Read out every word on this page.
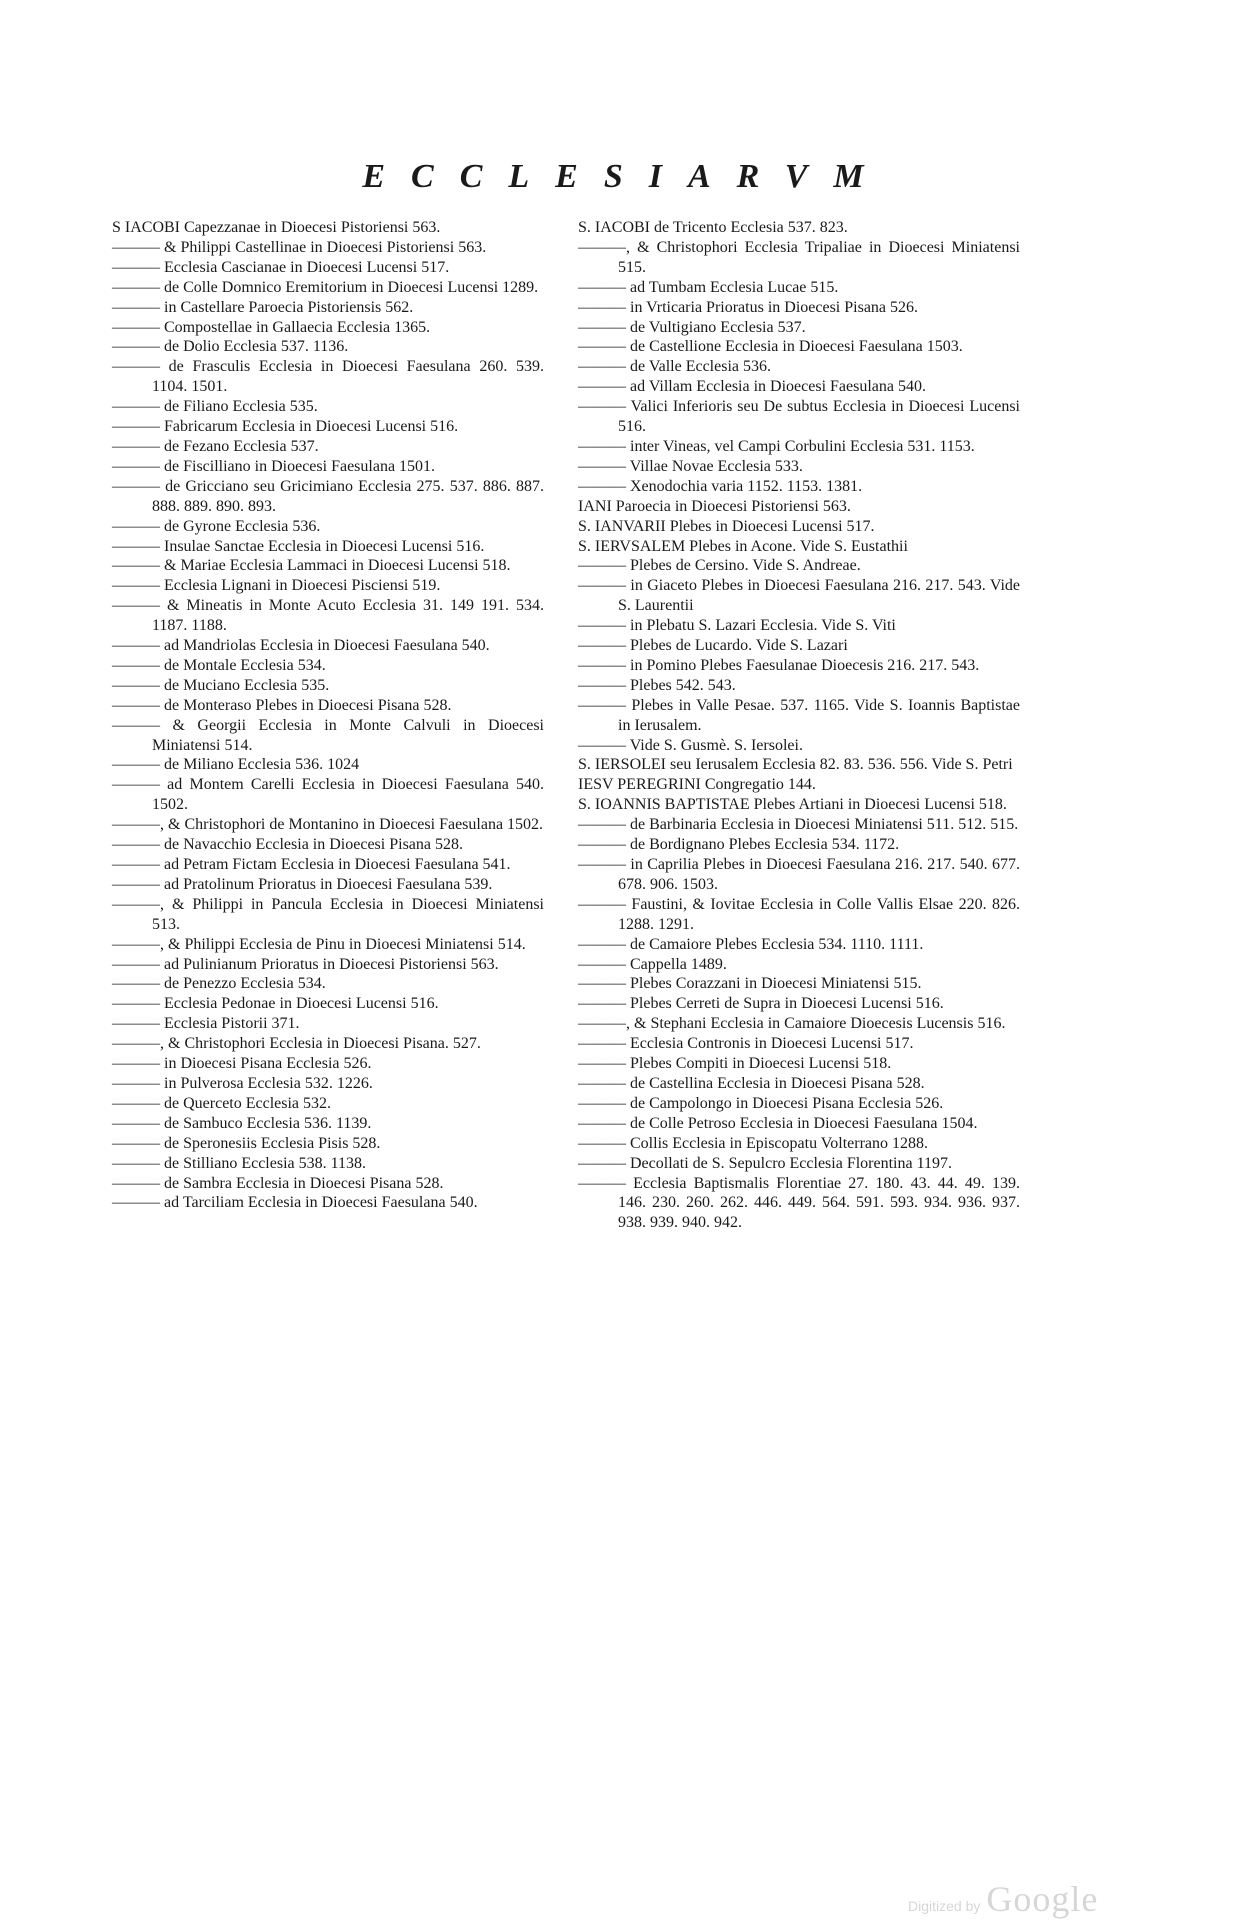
ECCLESIARVM

S IACOBI Capezzanae in Dioecesi Pistoriensi 563.

——— & Philippi Castellinae in Dioecesi Pistoriensi 563.

——— Ecclesia Cascianae in Dioecesi Lucensi 517.

——— de Colle Domnico Eremitorium in Dioecesi Lucensi 1289.

——— in Castellare Paroecia Pistoriensis 562.

——— Compostellae in Gallaecia Ecclesia 1365.

——— de Dolio Ecclesia 537. 1136.

——— de Frasculis Ecclesia in Dioecesi Faesulana 260. 539. 1104. 1501.

——— de Filiano Ecclesia 535.

——— Fabricarum Ecclesia in Dioecesi Lucensi 516.

——— de Fezano Ecclesia 537.

——— de Fiscilliano in Dioecesi Faesulana 1501.

——— de Gricciano seu Gricimiano Ecclesia 275. 537. 886. 887. 888. 889. 890. 893.

——— de Gyrone Ecclesia 536.

——— Insulae Sanctae Ecclesia in Dioecesi Lucensi 516.

——— & Mariae Ecclesia Lammaci in Dioecesi Lucensi 518.

——— Ecclesia Lignani in Dioecesi Pisciensi 519.

——— & Mineatis in Monte Acuto Ecclesia 31. 149 191. 534. 1187. 1188.

——— ad Mandriolas Ecclesia in Dioecesi Faesulana 540.

——— de Montale Ecclesia 534.

——— de Muciano Ecclesia 535.

——— de Monteraso Plebes in Dioecesi Pisana 528.

——— & Georgii Ecclesia in Monte Calvuli in Dioecesi Miniatensi 514.

——— de Miliano Ecclesia 536. 1024

——— ad Montem Carelli Ecclesia in Dioecesi Faesulana 540. 1502.

———, & Christophori de Montanino in Dioecesi Faesulana 1502.

——— de Navacchio Ecclesia in Dioecesi Pisana 528.

——— ad Petram Fictam Ecclesia in Dioecesi Faesulana 541.

——— ad Pratolinum Prioratus in Dioecesi Faesulana 539.

———, & Philippi in Pancula Ecclesia in Dioecesi Miniatensi 513.

———, & Philippi Ecclesia de Pinu in Dioecesi Miniatensi 514.

——— ad Pulinianum Prioratus in Dioecesi Pistoriensi 563.

——— de Penezzo Ecclesia 534.

——— Ecclesia Pedonae in Dioecesi Lucensi 516.

——— Ecclesia Pistorii 371.

———, & Christophori Ecclesia in Dioecesi Pisana. 527.

——— in Dioecesi Pisana Ecclesia 526.

——— in Pulverosa Ecclesia 532. 1226.

——— de Querceto Ecclesia 532.

——— de Sambuco Ecclesia 536. 1139.

——— de Speronesiis Ecclesia Pisis 528.

——— de Stilliano Ecclesia 538. 1138.

——— de Sambra Ecclesia in Dioecesi Pisana 528.

——— ad Tarciliam Ecclesia in Dioecesi Faesulana 540.

S. IACOBI de Tricento Ecclesia 537. 823.

———, & Christophori Ecclesia Tripaliae in Dioecesi Miniatensi 515.

——— ad Tumbam Ecclesia Lucae 515.

——— in Vrticaria Prioratus in Dioecesi Pisana 526.

——— de Vultigiano Ecclesia 537.

——— de Castellione Ecclesia in Dioecesi Faesulana 1503.

——— de Valle Ecclesia 536.

——— ad Villam Ecclesia in Dioecesi Faesulana 540.

——— Valici Inferioris seu De subtus Ecclesia in Dioecesi Lucensi 516.

——— inter Vineas, vel Campi Corbulini Ecclesia 531. 1153.

——— Villae Novae Ecclesia 533.

——— Xenodochia varia 1152. 1153. 1381.

IANI Paroecia in Dioecesi Pistoriensi 563.

S. IANVARII Plebes in Dioecesi Lucensi 517.

S. IERVSALEM Plebes in Acone. Vide S. Eustathii

——— Plebes de Cersino. Vide S. Andreae.

——— in Giaceto Plebes in Dioecesi Faesulana 216. 217. 543. Vide S. Laurentii

——— in Plebatu S. Lazari Ecclesia. Vide S. Viti

——— Plebes de Lucardo. Vide S. Lazari

——— in Pomino Plebes Faesulanae Dioecesis 216. 217. 543.

——— Plebes 542. 543.

——— Plebes in Valle Pesae. 537. 1165. Vide S. Ioannis Baptistae in Ierusalem.

——— Vide S. Gusmè. S. Iersolei.

S. IERSOLEI seu Ierusalem Ecclesia 82. 83. 536. 556. Vide S. Petri

IESV PEREGRINI Congregatio 144.

S. IOANNIS BAPTISTAE Plebes Artiani in Dioecesi Lucensi 518.

——— de Barbinaria Ecclesia in Dioecesi Miniatensi 511. 512. 515.

——— de Bordignano Plebes Ecclesia 534. 1172.

——— in Caprilia Plebes in Dioecesi Faesulana 216. 217. 540. 677. 678. 906. 1503.

——— Faustini, & Iovitae Ecclesia in Colle Vallis Elsae 220. 826. 1288. 1291.

——— de Camaiore Plebes Ecclesia 534. 1110. 1111.

——— Cappella 1489.

——— Plebes Corazzani in Dioecesi Miniatensi 515.

——— Plebes Cerreti de Supra in Dioecesi Lucensi 516.

———, & Stephani Ecclesia in Camaiore Dioecesis Lucensis 516.

——— Ecclesia Contronis in Dioecesi Lucensi 517.

——— Plebes Compiti in Dioecesi Lucensi 518.

——— de Castellina Ecclesia in Dioecesi Pisana 528.

——— de Campolongo in Dioecesi Pisana Ecclesia 526.

——— de Colle Petroso Ecclesia in Dioecesi Faesulana 1504.

——— Collis Ecclesia in Episcopatu Volterrano 1288.

——— Decollati de S. Sepulcro Ecclesia Florentina 1197.

——— Ecclesia Baptismalis Florentiae 27. 180. 43. 44. 49. 139. 146. 230. 260. 262. 446. 449. 564. 591. 593. 934. 936. 937. 938. 939. 940. 942.

Digitized by Google
